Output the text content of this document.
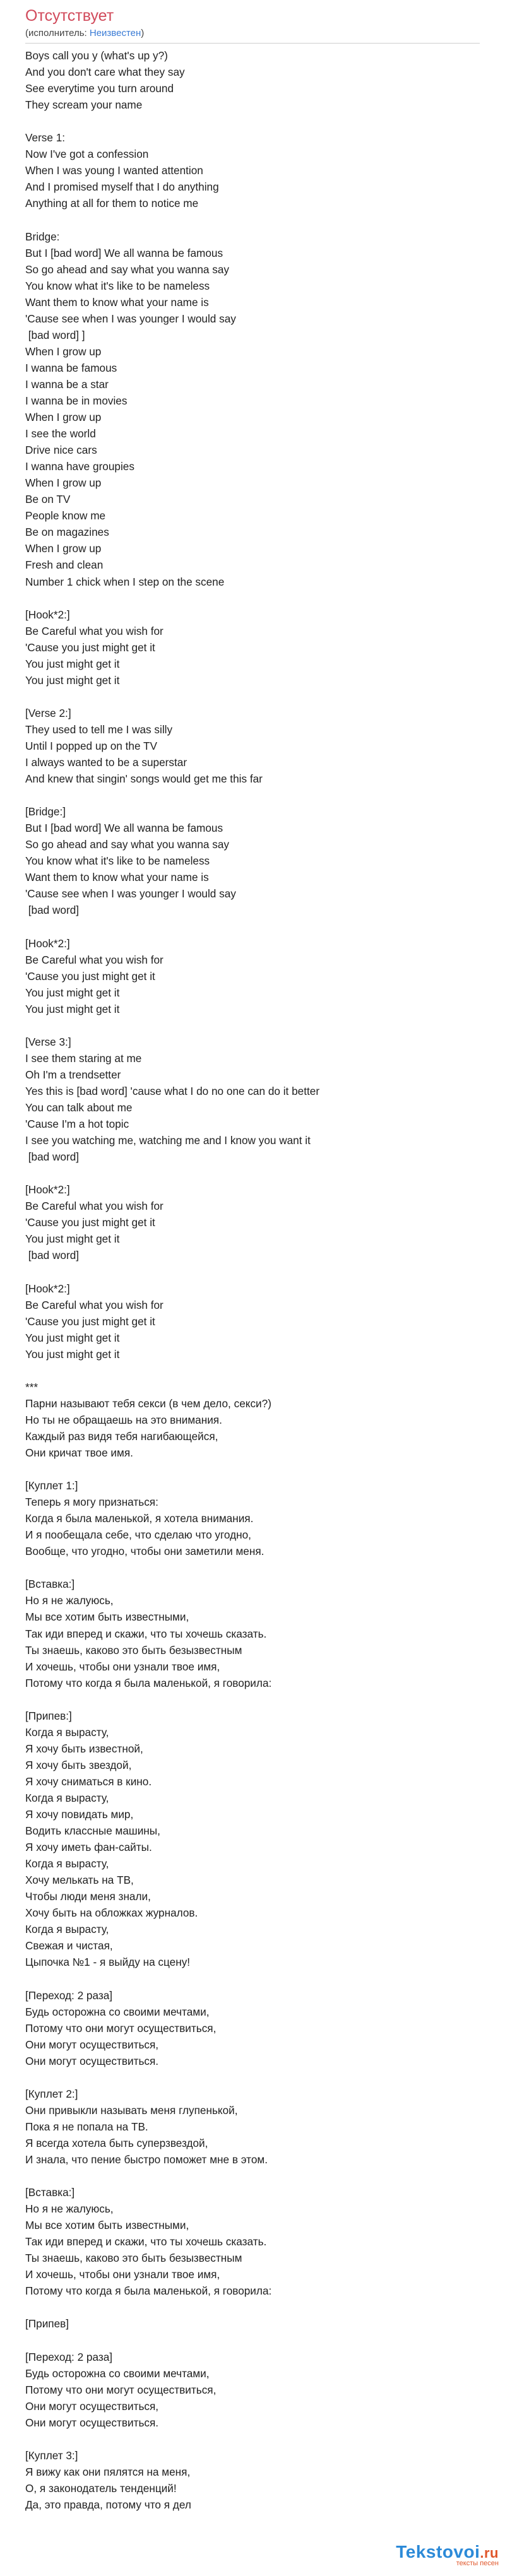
Отсутствует

(исполнитель: Неизвестен)

Boys call you y (what's up y?)
And you don't care what they say
See everytime you turn around
They scream your name
Verse 1:
Now I've got a confession
When I was young I wanted attention
And I promised myself that I do anything
Anything at all for them to notice me
Bridge:
But I [bad word] We all wanna be famous
So go ahead and say what you wanna say
You know what it's like to be nameless
Want them to know what your name is
'Cause see when I was younger I would say
[bad word] ]
When I grow up
I wanna be famous
I wanna be a star
I wanna be in movies
When I grow up
I see the world
Drive nice cars
I wanna have groupies
When I grow up
Be on TV
People know me
Be on magazines
When I grow up
Fresh and clean
Number 1 chick when I step on the scene
[Hook*2:]
Be Careful what you wish for
'Cause you just might get it
You just might get it
You just might get it
[Verse 2:]
They used to tell me I was silly
Until I popped up on the TV
I always wanted to be a superstar
And knew that singin' songs would get me this far
[Bridge:]
But I [bad word] We all wanna be famous
So go ahead and say what you wanna say
You know what it's like to be nameless
Want them to know what your name is
'Cause see when I was younger I would say
[bad word]
[Hook*2:]
Be Careful what you wish for
'Cause you just might get it
You just might get it
You just might get it
[Verse 3:]
I see them staring at me
Oh I'm a trendsetter
Yes this is [bad word] 'cause what I do no one can do it better
You can talk about me
'Cause I'm a hot topic
I see you watching me, watching me and I know you want it
[bad word]
[Hook*2:]
Be Careful what you wish for
'Cause you just might get it
You just might get it
[bad word]
[Hook*2:]
Be Careful what you wish for
'Cause you just might get it
You just might get it
You just might get it
***
Парни называют тебя секси (в чем дело, секси?)
Но ты не обращаешь на это внимания.
Каждый раз видя тебя нагибающейся,
Они кричат твое имя.
[Куплет 1:]
Теперь я могу признаться:
Когда я была маленькой, я хотела внимания.
И я пообещала себе, что сделаю что угодно,
Вообще, что угодно, чтобы они заметили меня.
[Вставка:]
Но я не жалуюсь,
Мы все хотим быть известными,
Так иди вперед и скажи, что ты хочешь сказать.
Ты знаешь, каково это быть безызвестным
И хочешь, чтобы они узнали твое имя,
Потому что когда я была маленькой, я говорила:
[Припев:]
Когда я вырасту,
Я хочу быть известной,
Я хочу быть звездой,
Я хочу сниматься в кино.
Когда я вырасту,
Я хочу повидать мир,
Водить классные машины,
Я хочу иметь фан-сайты.
Когда я вырасту,
Хочу мелькать на ТВ,
Чтобы люди меня знали,
Хочу быть на обложках журналов.
Когда я вырасту,
Свежая и чистая,
Цыпочка №1 - я выйду на сцену!
[Переход: 2 раза]
Будь осторожна со своими мечтами,
Потому что они могут осуществиться,
Они могут осуществиться,
Они могут осуществиться.
[Куплет 2:]
Они привыкли называть меня глупенькой,
Пока я не попала на ТВ.
Я всегда хотела быть суперзвездой,
И знала, что пение быстро поможет мне в этом.
[Вставка:]
Но я не жалуюсь,
Мы все хотим быть известными,
Так иди вперед и скажи, что ты хочешь сказать.
Ты знаешь, каково это быть безызвестным
И хочешь, чтобы они узнали твое имя,
Потому что когда я была маленькой, я говорила:
[Припев]
[Переход: 2 раза]
Будь осторожна со своими мечтами,
Потому что они могут осуществиться,
Они могут осуществиться,
Они могут осуществиться.
[Куплет 3:]
Я вижу как они пялятся на меня,
О, я законодатель тенденций!
Да, это правда, потому что я дел
Tekstovoi.ru
тексты песен
